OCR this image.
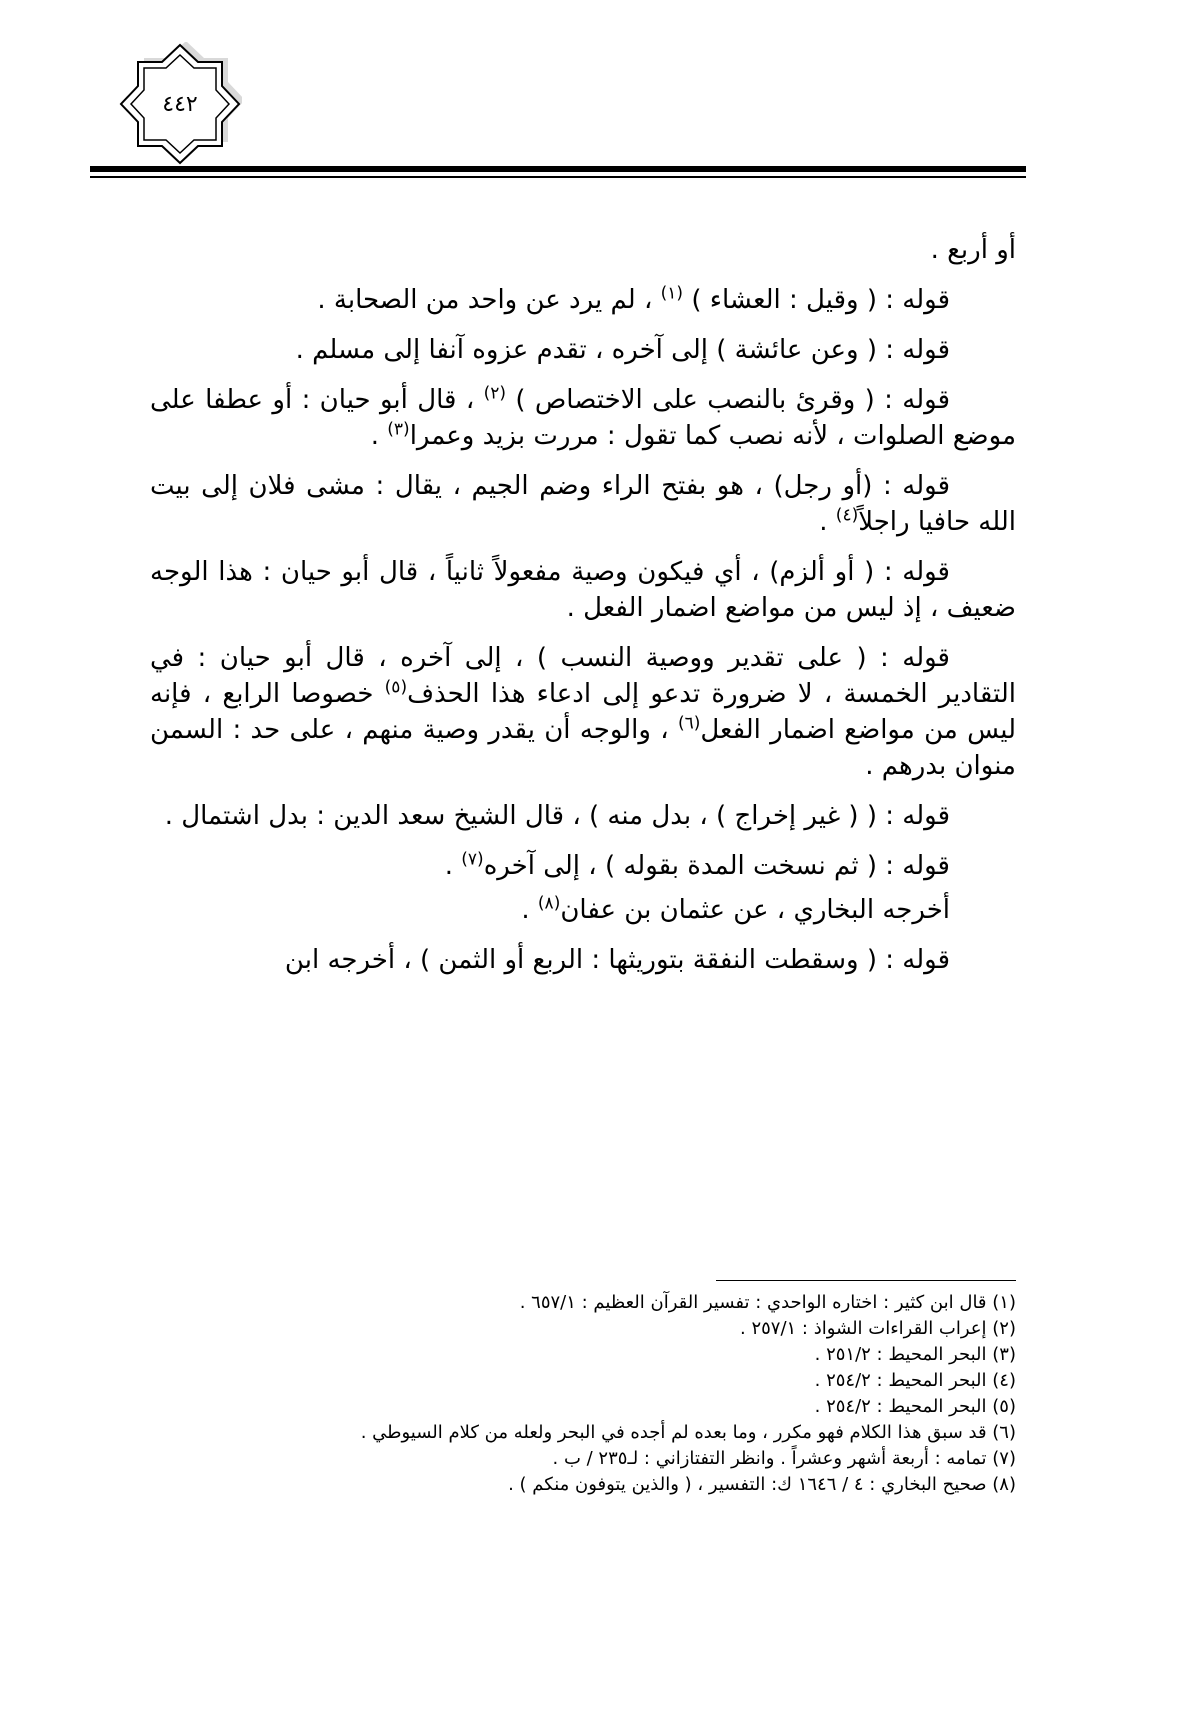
٤٤٢

أو أربع .

قوله : ( وقيل : العشاء ) $^{(١)}$ ، لم يرد عن واحد من الصحابة .

قوله : ( وعن عائشة ) إلى آخره ، تقدم عزوه آنفا إلى مسلم .

قوله : ( وقرئ بالنصب على الاختصاص ) $^{(٢)}$ ، قال أبو حيان : أو عطفا على موضع الصلوات ، لأنه نصب كما تقول : مررت بزيد وعمرا$^{(٣)}$ .

قوله : (أو رجل) ، هو بفتح الراء وضم الجيم ، يقال : مشى فلان إلى بيت الله حافيا راجلاً$^{(٤)}$ .

قوله : ( أو ألزم) ، أي فيكون وصية مفعولاً ثانياً ، قال أبو حيان : هذا الوجه ضعيف ، إذ ليس من مواضع اضمار الفعل .

قوله : ( على تقدير ووصية النسب ) ، إلى آخره ، قال أبو حيان : في التقادير الخمسة ، لا ضرورة تدعو إلى ادعاء هذا الحذف$^{(٥)}$ خصوصا الرابع ، فإنه ليس من مواضع اضمار الفعل$^{(٦)}$ ، والوجه أن يقدر وصية منهم ، على حد : السمن منوان بدرهم .

قوله : ( ( غير إخراج ) ، بدل منه ) ، قال الشيخ سعد الدين : بدل اشتمال .

قوله : ( ثم نسخت المدة بقوله ) ، إلى آخره$^{(٧)}$ .

أخرجه البخاري ، عن عثمان بن عفان$^{(٨)}$ .

قوله : ( وسقطت النفقة بتوريثها : الربع أو الثمن ) ، أخرجه ابن

(١) قال ابن كثير : اختاره الواحدي : تفسير القرآن العظيم : ٦٥٧/١ .
(٢) إعراب القراءات الشواذ : ٢٥٧/١ .
(٣) البحر المحيط : ٢٥١/٢ .
(٤) البحر المحيط : ٢٥٤/٢ .
(٥) البحر المحيط : ٢٥٤/٢ .
(٦) قد سبق هذا الكلام فهو مكرر ، وما بعده لم أجده في البحر ولعله من كلام السيوطي .
(٧) تمامه : أربعة أشهر وعشراً . وانظر التفتازاني : لـ٢٣٥ / ب .
(٨) صحيح البخاري : ٤ / ١٦٤٦ ك: التفسير ، ( والذين يتوفون منكم ) .
